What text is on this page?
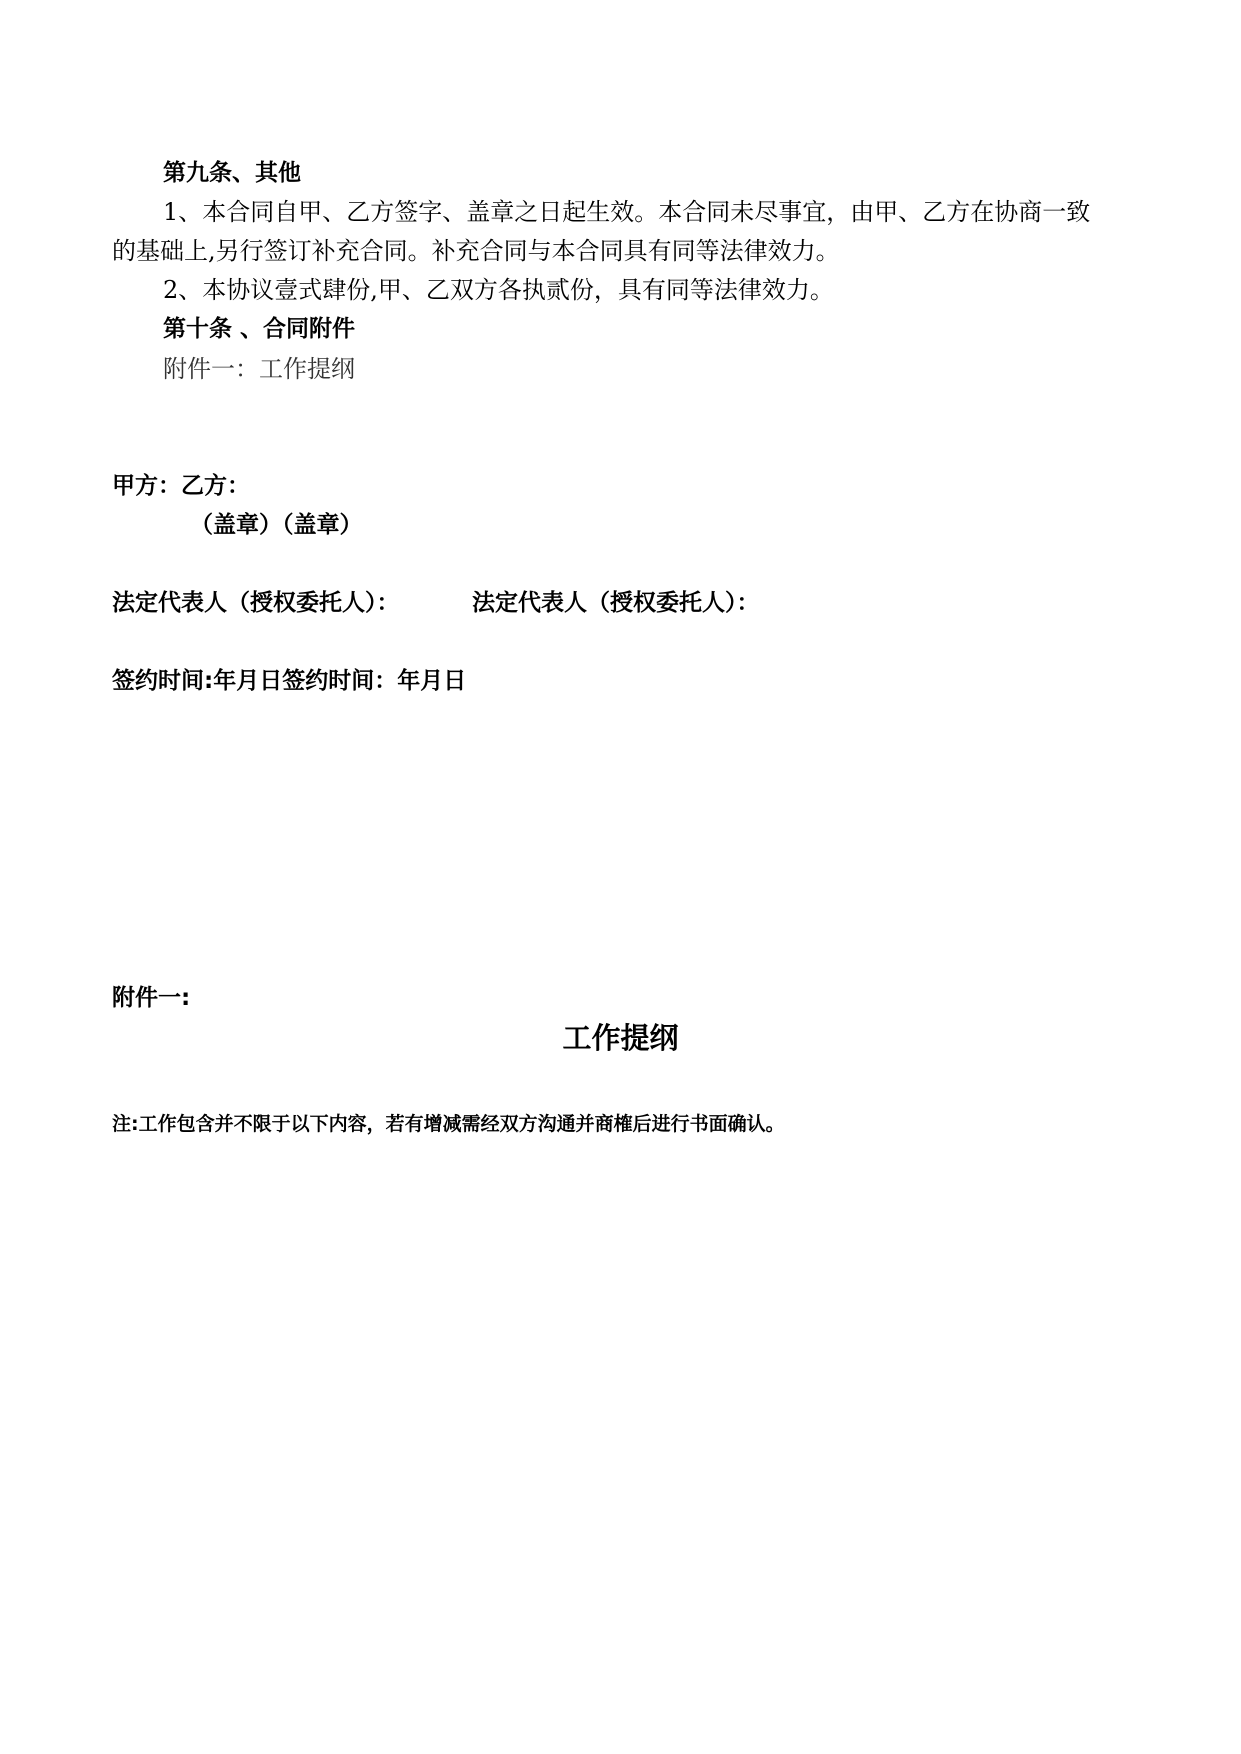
第九条、其他
1、本合同自甲、乙方签字、盖章之日起生效。本合同未尽事宜，由甲、乙方在协商一致
的基础上,另行签订补充合同。补充合同与本合同具有同等法律效力。
2、本协议壹式肆份,甲、乙双方各执贰份，具有同等法律效力。
第十条 、合同附件
附件一：工作提纲
甲方：乙方：
（盖章）（盖章）
法定代表人（授权委托人）：	法定代表人（授权委托人）：
签约时间:年月日签约时间：年月日
附件一:
工作提纲
注:工作包含并不限于以下内容，若有增减需经双方沟通并商榷后进行书面确认。
